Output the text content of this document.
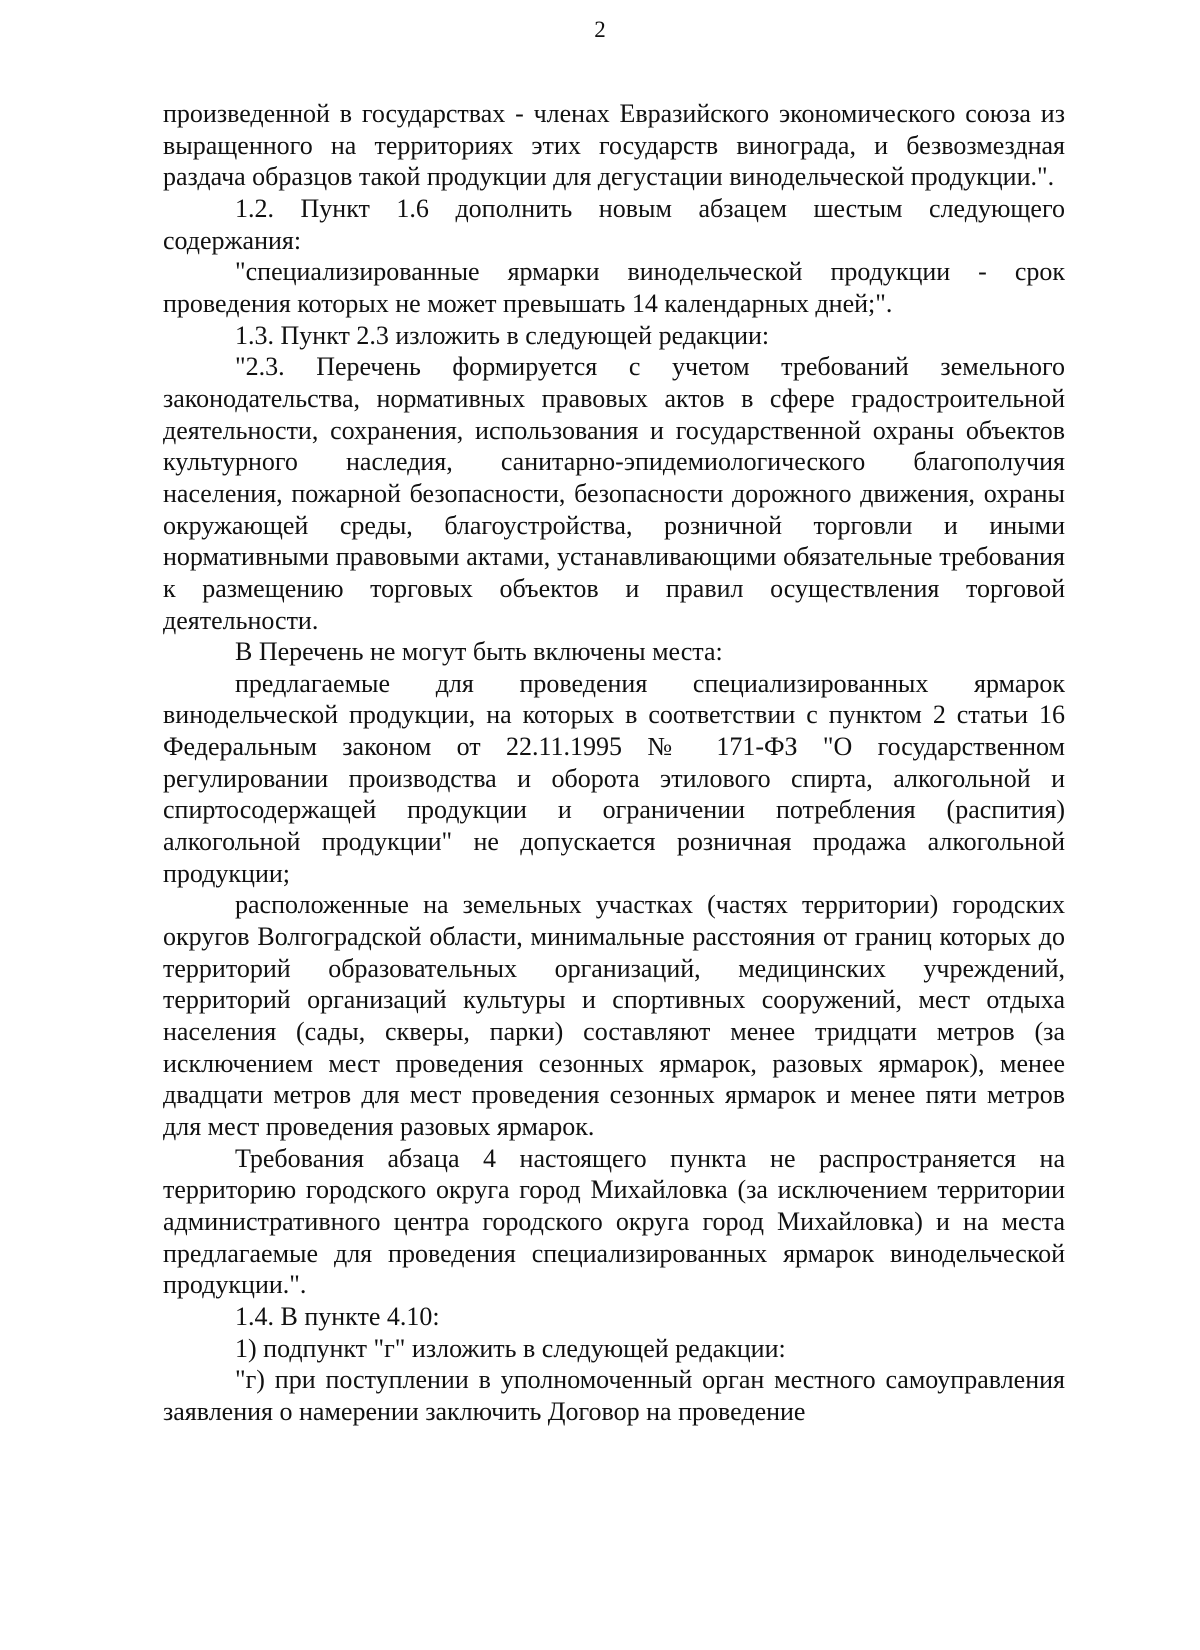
2

произведенной в государствах - членах Евразийского экономического союза из выращенного на территориях этих государств винограда, и безвозмездная раздача образцов такой продукции для дегустации винодельческой продукции.".

1.2. Пункт 1.6 дополнить новым абзацем шестым следующего содержания:

"специализированные ярмарки винодельческой продукции - срок проведения которых не может превышать 14 календарных дней;".

1.3. Пункт 2.3 изложить в следующей редакции:

"2.3. Перечень формируется с учетом требований земельного законодательства, нормативных правовых актов в сфере градостроительной деятельности, сохранения, использования и государственной охраны объектов культурного наследия, санитарно-эпидемиологического благополучия населения, пожарной безопасности, безопасности дорожного движения, охраны окружающей среды, благоустройства, розничной торговли и иными нормативными правовыми актами, устанавливающими обязательные требования к размещению торговых объектов и правил осуществления торговой деятельности.

В Перечень не могут быть включены места:

предлагаемые для проведения специализированных ярмарок винодельческой продукции, на которых в соответствии с пунктом 2 статьи 16 Федеральным законом от 22.11.1995 № 171-ФЗ "О государственном регулировании производства и оборота этилового спирта, алкогольной и спиртосодержащей продукции и ограничении потребления (распития) алкогольной продукции" не допускается розничная продажа алкогольной продукции;

расположенные на земельных участках (частях территории) городских округов Волгоградской области, минимальные расстояния от границ которых до территорий образовательных организаций, медицинских учреждений, территорий организаций культуры и спортивных сооружений, мест отдыха населения (сады, скверы, парки) составляют менее тридцати метров (за исключением мест проведения сезонных ярмарок, разовых ярмарок), менее двадцати метров для мест проведения сезонных ярмарок и менее пяти метров для мест проведения разовых ярмарок.

Требования абзаца 4 настоящего пункта не распространяется на территорию городского округа город Михайловка (за исключением территории административного центра городского округа город Михайловка) и на места предлагаемые для проведения специализированных ярмарок винодельческой продукции.".

1.4. В пункте 4.10:

1) подпункт "г" изложить в следующей редакции:

"г) при поступлении в уполномоченный орган местного самоуправления заявления о намерении заключить Договор на проведение
